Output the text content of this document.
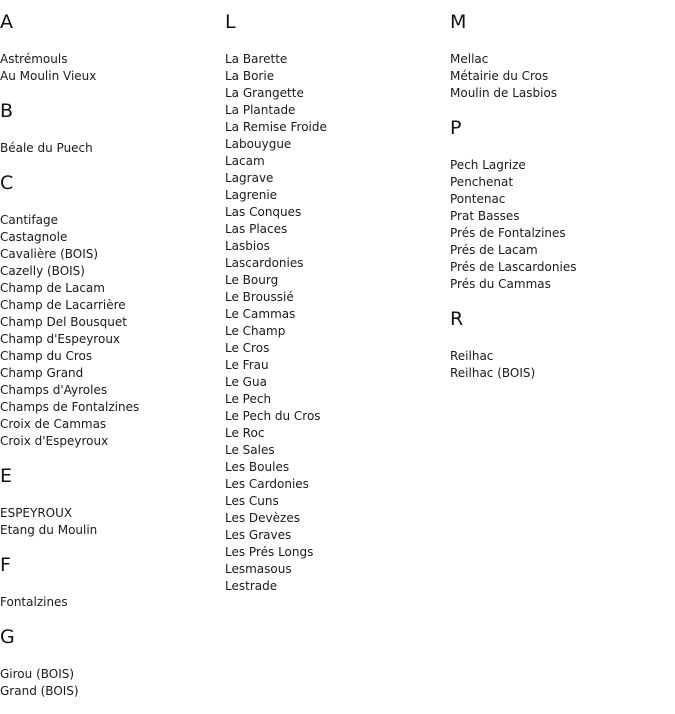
A
Astrémouls
Au Moulin Vieux
B
Béale du Puech
C
Cantifage
Castagnole
Cavalière (BOIS)
Cazelly (BOIS)
Champ de Lacam
Champ de Lacarrière
Champ Del Bousquet
Champ d'Espeyroux
Champ du Cros
Champ Grand
Champs d'Ayroles
Champs de Fontalzines
Croix de Cammas
Croix d'Espeyroux
E
ESPEYROUX
Etang du Moulin
F
Fontalzines
G
Girou (BOIS)
Grand (BOIS)
L
La Barette
La Borie
La Grangette
La Plantade
La Remise Froide
Labouygue
Lacam
Lagrave
Lagrenie
Las Conques
Las Places
Lasbios
Lascardonies
Le Bourg
Le Broussié
Le Cammas
Le Champ
Le Cros
Le Frau
Le Gua
Le Pech
Le Pech du Cros
Le Roc
Le Sales
Les Boules
Les Cardonies
Les Cuns
Les Devèzes
Les Graves
Les Prés Longs
Lesmasous
Lestrade
M
Mellac
Métairie du Cros
Moulin de Lasbios
P
Pech Lagrize
Penchenat
Pontenac
Prat Basses
Prés de Fontalzines
Prés de Lacam
Prés de Lascardonies
Prés du Cammas
R
Reilhac
Reilhac (BOIS)
